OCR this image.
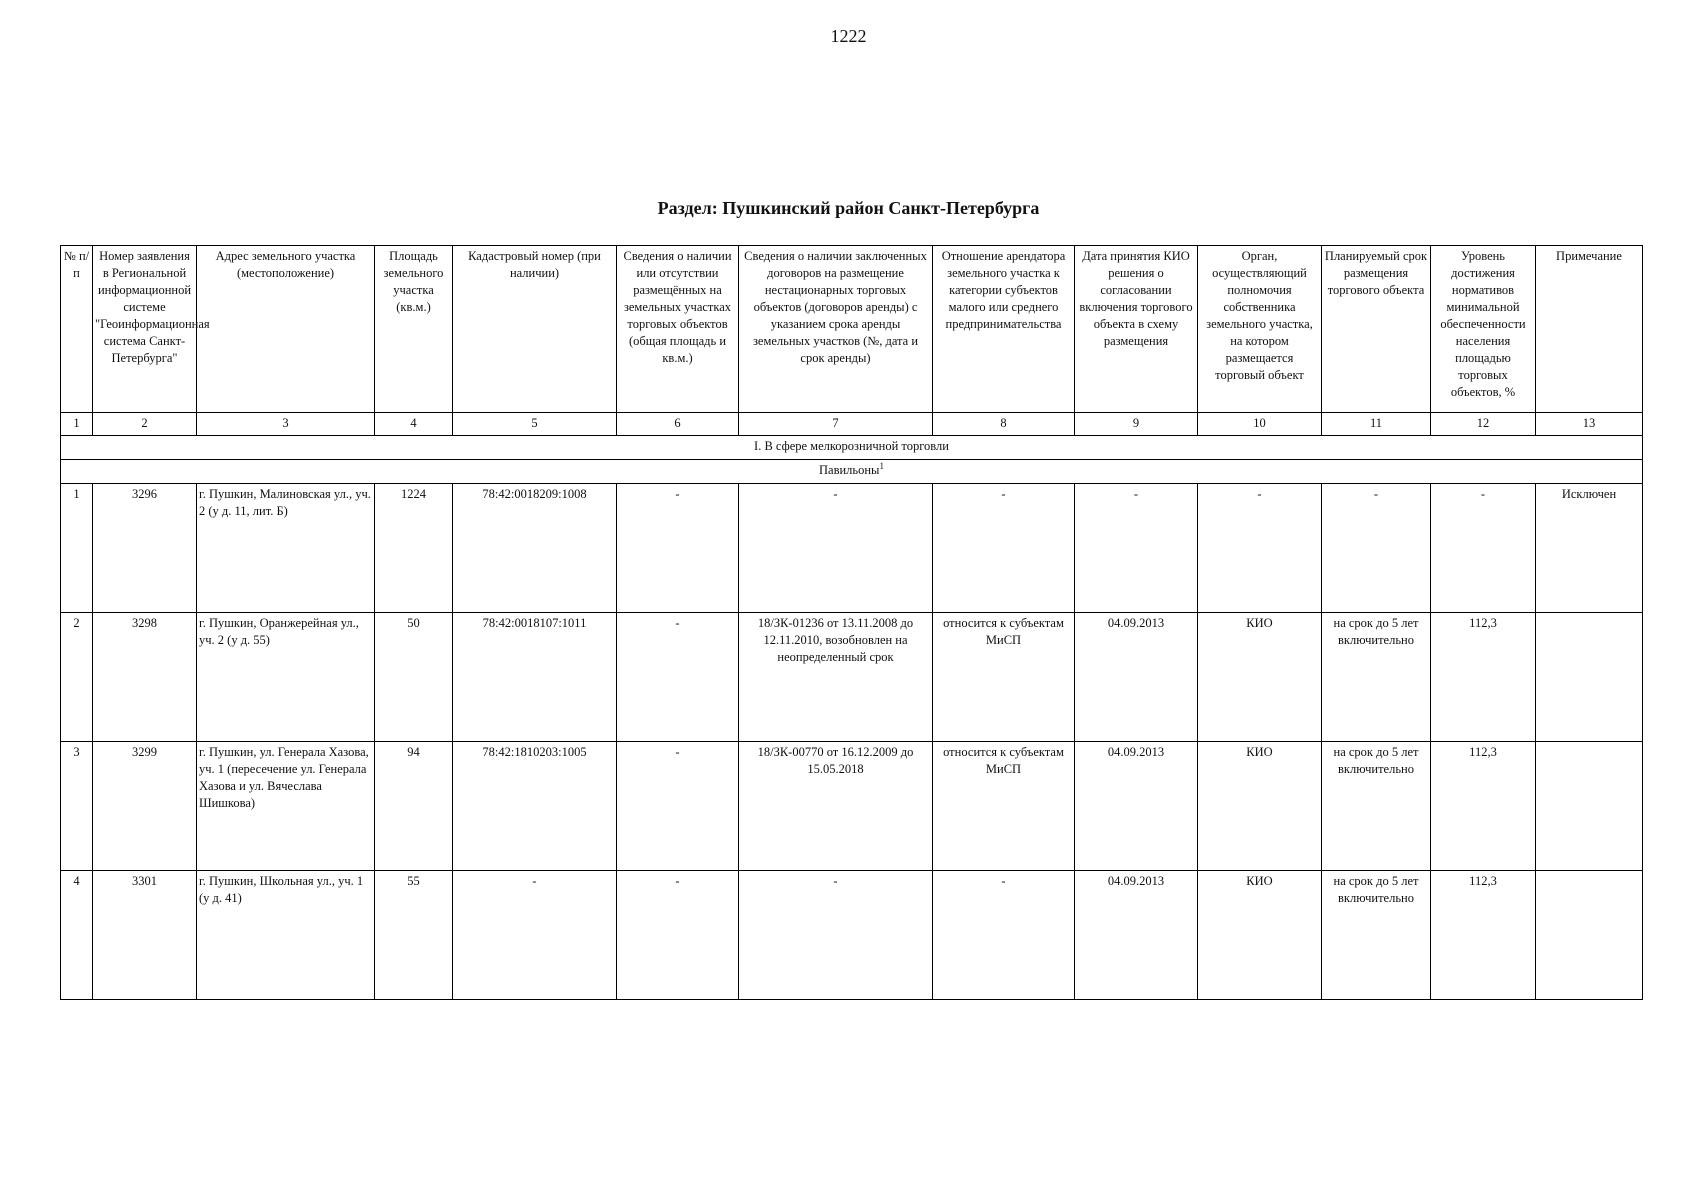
1222
Раздел: Пушкинский район Санкт-Петербурга
№ п/п	Номер заявления в Региональной информационной системе "Геоинформационная система Санкт-Петербурга"	Адрес земельного участка (местоположение)	Площадь земельного участка (кв.м.)	Кадастровый номер (при наличии)	Сведения о наличии или отсутствии размещённых на земельных участках торговых объектов (общая площадь и кв.м.)	Сведения о наличии заключенных договоров на размещение нестационарных торговых объектов (договоров аренды) с указанием срока аренды земельных участков (№, дата и срок аренды)	Отношение арендатора земельного участка к категории субъектов малого или среднего предпринимательства	Дата принятия КИО решения о согласовании включения торгового объекта в схему размещения	Орган, осуществляющий полномочия собственника земельного участка, на котором размещается торговый объект	Планируемый срок размещения торгового объекта	Уровень достижения нормативов минимальной обеспеченности населения площадью торговых объектов, %	Примечание
1	2	3	4	5	6	7	8	9	10	11	12	13
I. В сфере мелкорозничной торговли												
Павильоны$^1$
1	3296	г. Пушкин, Малиновская ул., уч. 2 (у д. 11, лит. Б)	1224	78:42:0018209:1008	-	-	-	-	-	-	-	Исключен
2	3298	г. Пушкин, Оранжерейная ул., уч. 2 (у д. 55)	50	78:42:0018107:1011	-	18/ЗК-01236 от 13.11.2008 до 12.11.2010, возобновлен на неопределенный срок	относится к субъектам МиСП	04.09.2013	КИО	на срок до 5 лет включительно	112,3	
3	3299	г. Пушкин, ул. Генерала Хазова, уч. 1 (пересечение ул. Генерала Хазова и ул. Вячеслава Шишкова)	94	78:42:1810203:1005	-	18/ЗК-00770 от 16.12.2009 до 15.05.2018	относится к субъектам МиСП	04.09.2013	КИО	на срок до 5 лет включительно	112,3	
4	3301	г. Пушкин, Школьная ул., уч. 1 (у д. 41)	55	-	-	-	-	04.09.2013	КИО	на срок до 5 лет включительно	112,3	
